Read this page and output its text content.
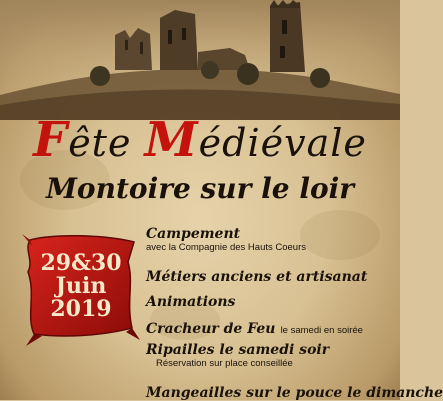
Fête Médiévale
Montoire sur le loir
29&30
Juin
2019
Campement
avec la Compagnie des Hauts Coeurs
Métiers anciens et artisanat
Animations
Cracheur de Feu le samedi en soirée
Ripailles le samedi soir
Réservation sur place conseillée
Mangeailles sur le pouce le dimanche
